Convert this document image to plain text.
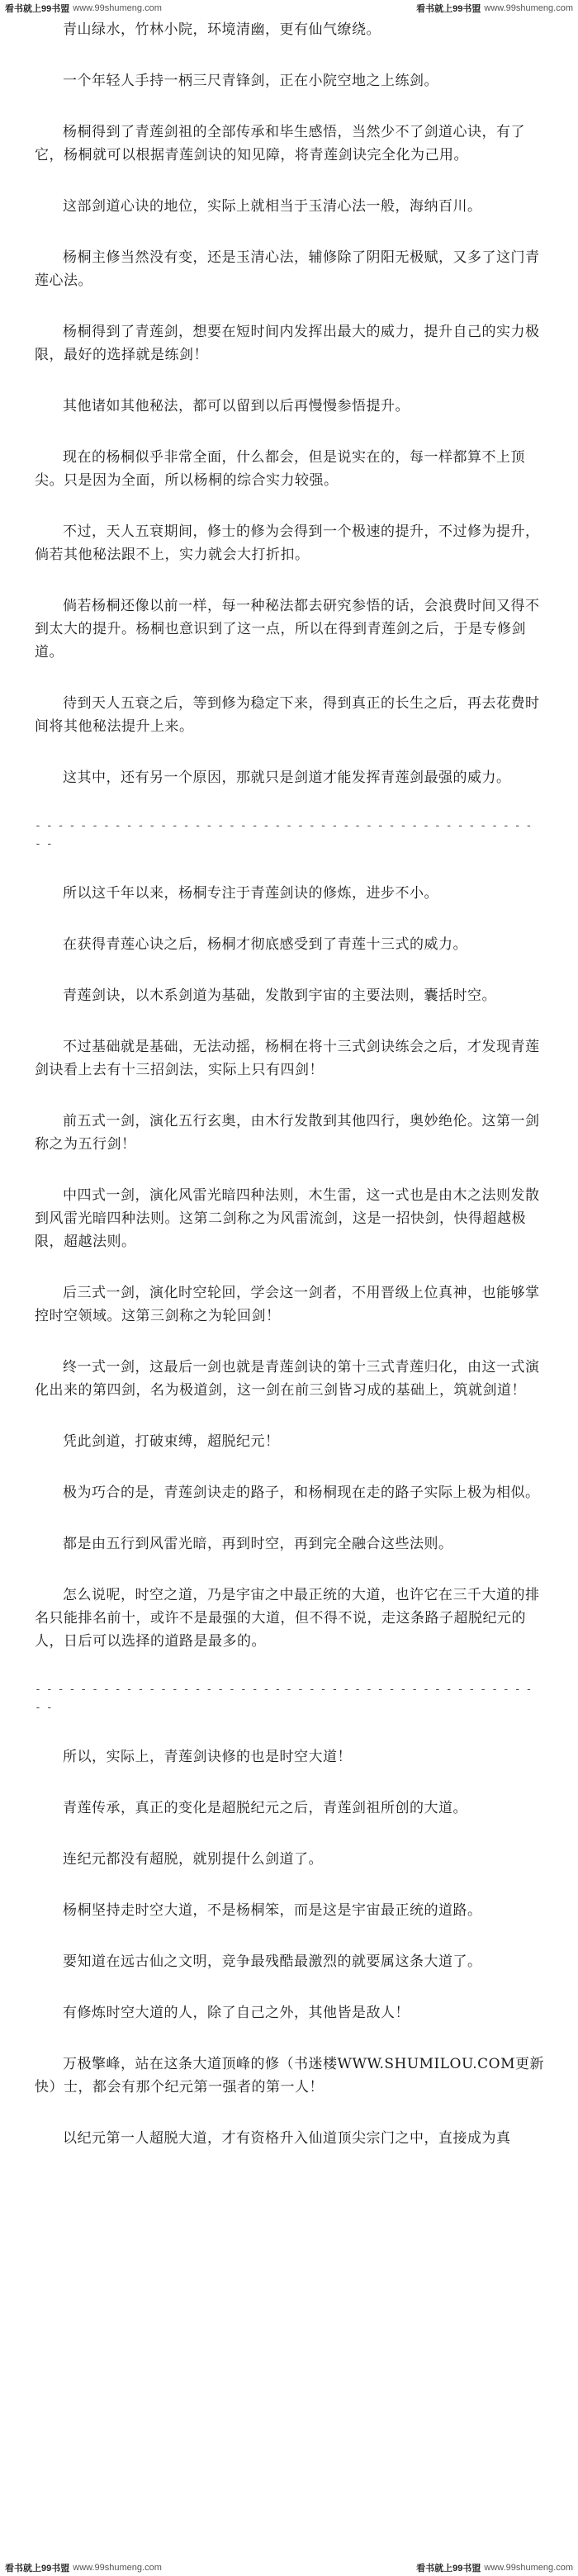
看书就上99书盟 www.99shumeng.com	看书就上99书盟 www.99shumeng.com

青山绿水，竹林小院，环境清幽，更有仙气缭绕。

一个年轻人手持一柄三尺青锋剑，正在小院空地之上练剑。

杨桐得到了青莲剑祖的全部传承和毕生感悟，当然少不了剑道心诀，有了它，杨桐就可以根据青莲剑诀的知见障，将青莲剑诀完全化为己用。

这部剑道心诀的地位，实际上就相当于玉清心法一般，海纳百川。

杨桐主修当然没有变，还是玉清心法，辅修除了阴阳无极赋，又多了这门青莲心法。

杨桐得到了青莲剑，想要在短时间内发挥出最大的威力，提升自己的实力极限，最好的选择就是练剑！

其他诸如其他秘法，都可以留到以后再慢慢参悟提升。

现在的杨桐似乎非常全面，什么都会，但是说实在的，每一样都算不上顶尖。只是因为全面，所以杨桐的综合实力较强。

不过，天人五衰期间，修士的修为会得到一个极速的提升，不过修为提升，倘若其他秘法跟不上，实力就会大打折扣。

倘若杨桐还像以前一样，每一种秘法都去研究参悟的话，会浪费时间又得不到太大的提升。杨桐也意识到了这一点，所以在得到青莲剑之后，于是专修剑道。

待到天人五衰之后，等到修为稳定下来，得到真正的长生之后，再去花费时间将其他秘法提升上来。

这其中，还有另一个原因，那就只是剑道才能发挥青莲剑最强的威力。

----------------------------------------------

所以这千年以来，杨桐专注于青莲剑诀的修炼，进步不小。

在获得青莲心诀之后，杨桐才彻底感受到了青莲十三式的威力。

青莲剑诀，以木系剑道为基础，发散到宇宙的主要法则，囊括时空。

不过基础就是基础，无法动摇，杨桐在将十三式剑诀练会之后，才发现青莲剑诀看上去有十三招剑法，实际上只有四剑！

前五式一剑，演化五行玄奥，由木行发散到其他四行，奥妙绝伦。这第一剑称之为五行剑！

中四式一剑，演化风雷光暗四种法则，木生雷，这一式也是由木之法则发散到风雷光暗四种法则。这第二剑称之为风雷流剑，这是一招快剑，快得超越极限，超越法则。

后三式一剑，演化时空轮回，学会这一剑者，不用晋级上位真神，也能够掌控时空领域。这第三剑称之为轮回剑！

终一式一剑，这最后一剑也就是青莲剑诀的第十三式青莲归化，由这一式演化出来的第四剑，名为极道剑，这一剑在前三剑皆习成的基础上，筑就剑道！

凭此剑道，打破束缚，超脱纪元！

极为巧合的是，青莲剑诀走的路子，和杨桐现在走的路子实际上极为相似。

都是由五行到风雷光暗，再到时空，再到完全融合这些法则。

怎么说呢，时空之道，乃是宇宙之中最正统的大道，也许它在三千大道的排名只能排名前十，或许不是最强的大道，但不得不说，走这条路子超脱纪元的人，日后可以选择的道路是最多的。

----------------------------------------------

所以，实际上，青莲剑诀修的也是时空大道！

青莲传承，真正的变化是超脱纪元之后，青莲剑祖所创的大道。

连纪元都没有超脱，就别提什么剑道了。

杨桐坚持走时空大道，不是杨桐笨，而是这是宇宙最正统的道路。

要知道在远古仙之文明，竞争最残酷最激烈的就要属这条大道了。

有修炼时空大道的人，除了自己之外，其他皆是敌人！

万极擎峰，站在这条大道顶峰的修（书迷楼WWW.SHUMILOU.COM更新快）士，都会有那个纪元第一强者的第一人！

以纪元第一人超脱大道，才有资格升入仙道顶尖宗门之中，直接成为真

看书就上99书盟 www.99shumeng.com	看书就上99书盟 www.99shumeng.com
